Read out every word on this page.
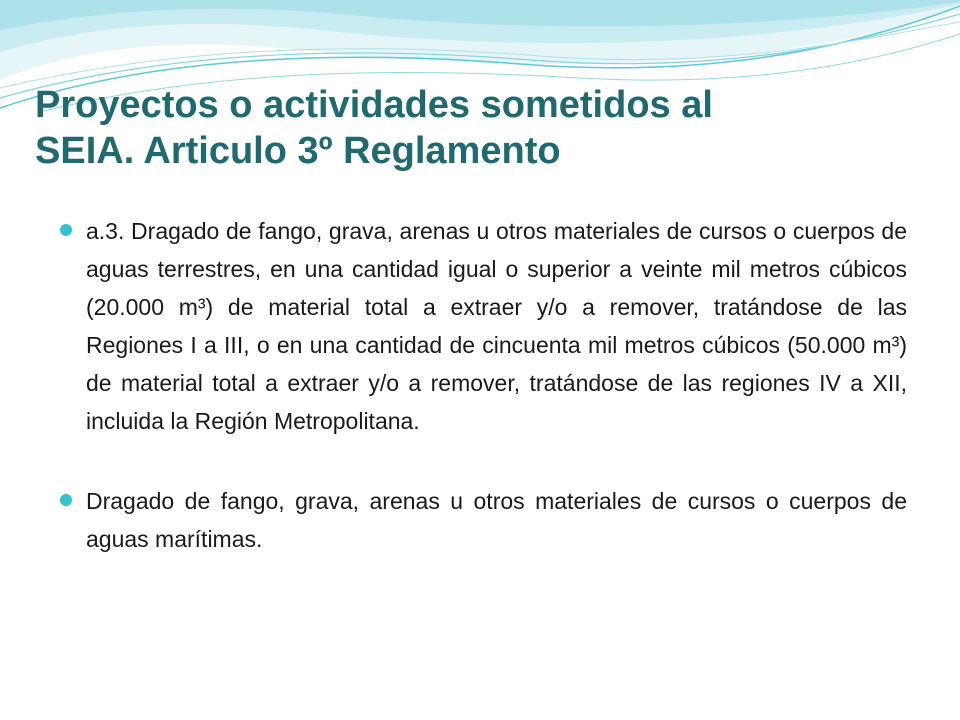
Proyectos o actividades sometidos al
SEIA. Articulo 3º Reglamento
a.3. Dragado de fango, grava, arenas u otros materiales de cursos o cuerpos de aguas terrestres, en una cantidad igual o superior a veinte mil metros cúbicos (20.000 m³) de material total a extraer y/o a remover, tratándose de las Regiones I a III, o en una cantidad de cincuenta mil metros cúbicos (50.000 m³) de material total a extraer y/o a remover, tratándose de las regiones IV a XII, incluida la Región Metropolitana.
Dragado de fango, grava, arenas u otros materiales de cursos o cuerpos de aguas marítimas.
